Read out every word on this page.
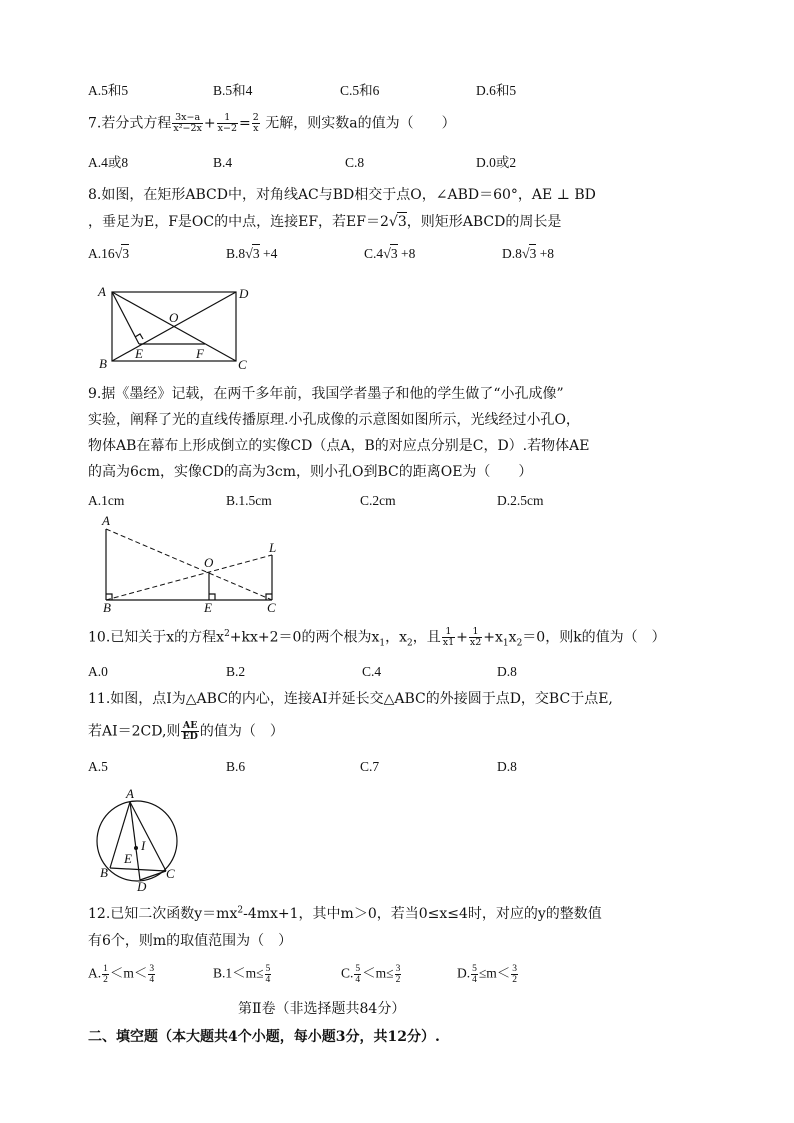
A.5和5	B.5和4	C.5和6	D.6和5
7.若分式方程 $\frac{3x-a}{\text{x²−2x}} + \frac{1}{x-2} = \frac{2}{x}$ 无解，则实数a的值为（　　）
A.4或8	B.4	C.8	D.0或2
8.如图，在矩形ABCD中，对角线AC与BD相交于点O，∠ABD＝60°，AE ⊥ BD
，垂足为E，F是OC的中点，连接EF，若EF＝2√3，则矩形ABCD的周长是
A.16√3	B.8√3 +4	C.4√3 +8	D.8√3 +8
A	D
B	C
O
E	F
9.据《墨经》记载，在两千多年前，我国学者墨子和他的学生做了“小孔成像”
实验，阐释了光的直线传播原理.小孔成像的示意图如图所示，光线经过小孔O，
物体AB在幕布上形成倒立的实像CD（点A，B的对应点分别是C，D）.若物体AE
的高为6cm，实像CD的高为3cm，则小孔O到BC的距离OE为（　　）
A.1cm	B.1.5cm	C.2cm	D.2.5cm
A
B	E	C
O
L
10.已知关于x的方程$x^2+kx+2=0$的两个根为$x_1$，$x_2$，且 $\frac{1}{x1} + \frac{1}{x2} +x_1x_2=0$，则k的值为（　）
A.0	B.2	C.4	D.8
11.如图，点I为△ABC的内心，连接AI并延长交△ABC的外接圆于点D，交BC于点E,
若AI＝2CD,则 $\frac{AE}{ED}$ 的值为（　）
A.5	B.6	C.7	D.8
A
B	C
D
E
I
12.已知二次函数$y=mx^2-4mx+1$，其中m＞0，若当0≤x≤4时，对应的y的整数值
有6个，则m的取值范围为（　）
A. $\frac{1}{2} <m< \frac{3}{4}$	$B.1<m\le \frac{5}{4}$	C. $\frac{5}{4} <m\le \frac{3}{2}$	D. $\frac{5}{4} \le m< \frac{3}{2}$
第Ⅱ卷（非选择题共84分）
二、填空题（本大题共4个小题，每小题3分，共12分）.
